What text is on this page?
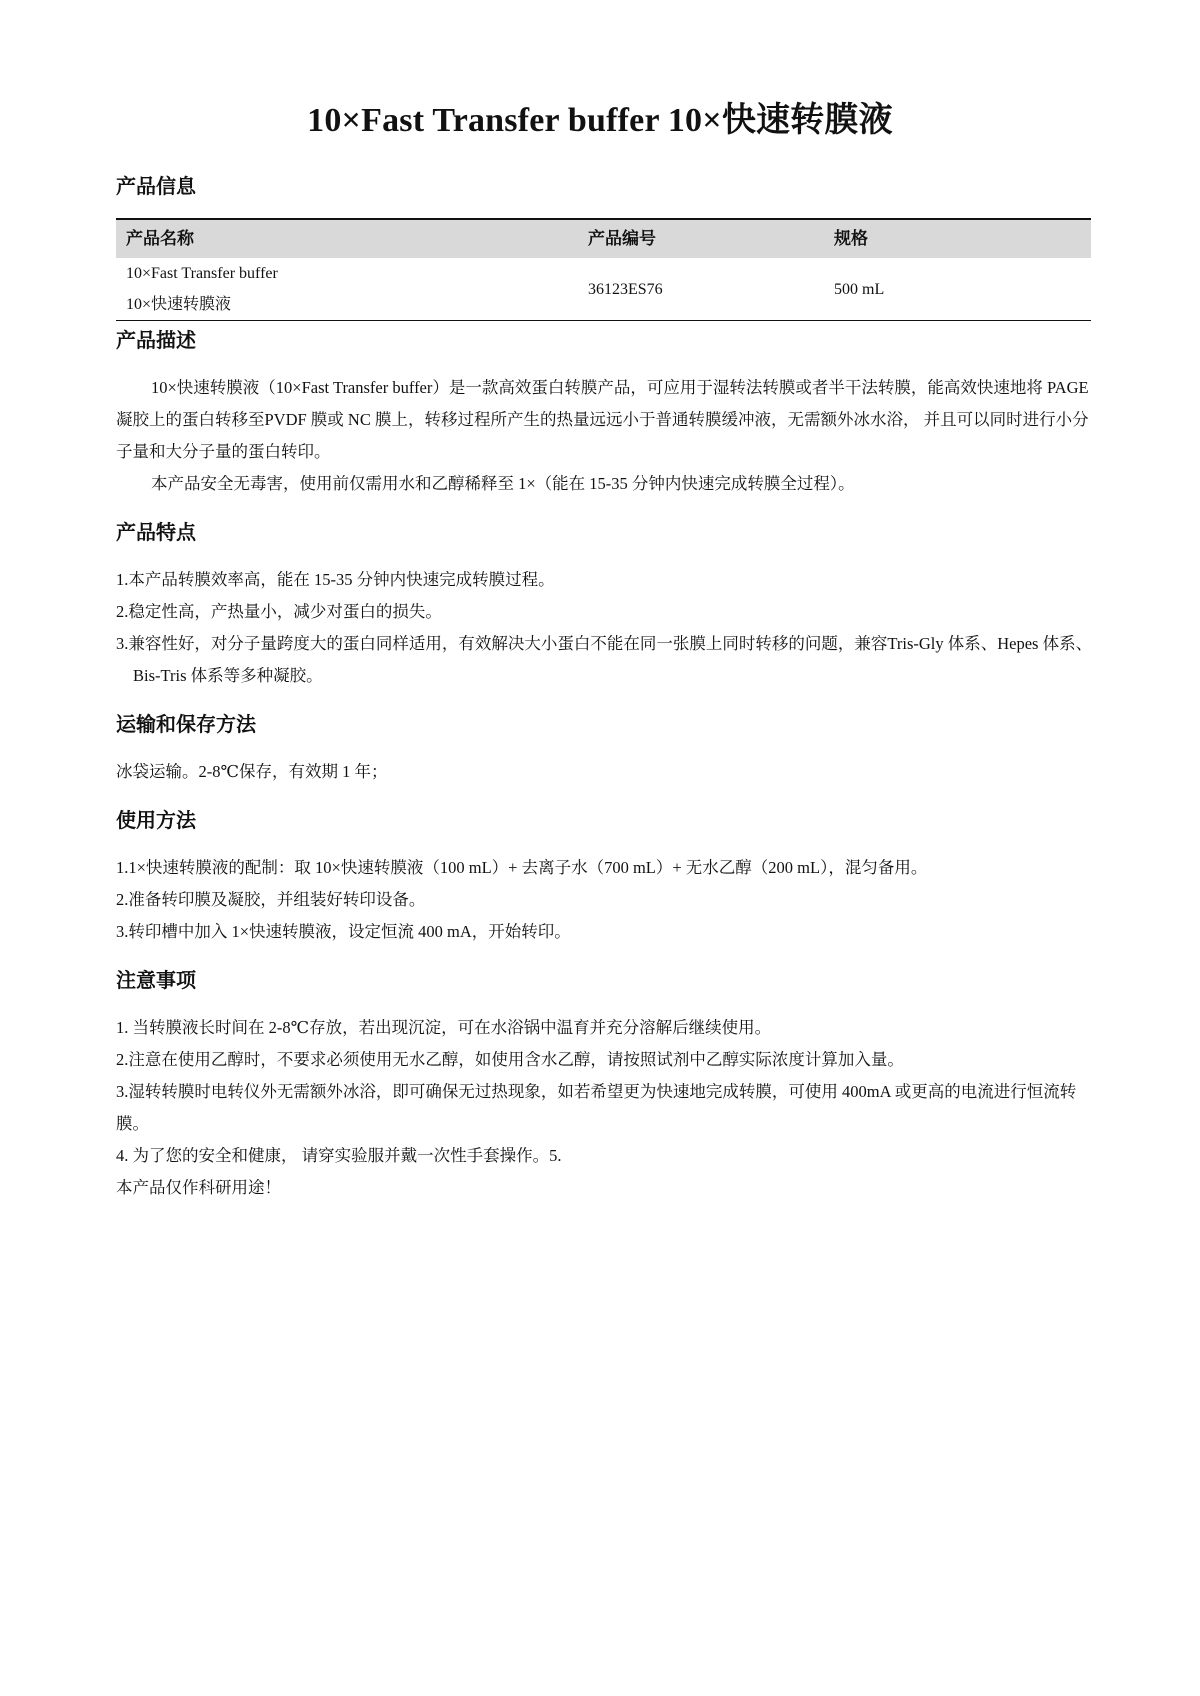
10×Fast Transfer buffer 10×快速转膜液
产品信息
产品名称	产品编号	规格
10×Fast Transfer buffer
10×快速转膜液
36123ES76	500 mL
产品描述

10×快速转膜液（10×Fast Transfer buffer）是一款高效蛋白转膜产品，可应用于湿转法转膜或者半干法转膜，能高效快速地将 PAGE 凝胶上的蛋白转移至PVDF 膜或 NC 膜上，转移过程所产生的热量远远小于普通转膜缓冲液，无需额外冰水浴， 并且可以同时进行小分子量和大分子量的蛋白转印。

本产品安全无毒害，使用前仅需用水和乙醇稀释至 1×（能在 15-35 分钟内快速完成转膜全过程）。

产品特点

1.本产品转膜效率高，能在 15-35 分钟内快速完成转膜过程。

2.稳定性高，产热量小，减少对蛋白的损失。

3.兼容性好，对分子量跨度大的蛋白同样适用，有效解决大小蛋白不能在同一张膜上同时转移的问题，兼容Tris-Gly 体系、Hepes 体系、Bis-Tris 体系等多种凝胶。

运输和保存方法

冰袋运输。2-8℃保存，有效期 1 年；

使用方法

1.1×快速转膜液的配制：取 10×快速转膜液（100 mL）+ 去离子水（700 mL）+ 无水乙醇（200 mL），混匀备用。

2.准备转印膜及凝胶，并组装好转印设备。

3.转印槽中加入 1×快速转膜液，设定恒流 400 mA，开始转印。

注意事项

1. 当转膜液长时间在 2-8℃存放，若出现沉淀，可在水浴锅中温育并充分溶解后继续使用。

2.注意在使用乙醇时，不要求必须使用无水乙醇，如使用含水乙醇，请按照试剂中乙醇实际浓度计算加入量。

3.湿转转膜时电转仪外无需额外冰浴，即可确保无过热现象，如若希望更为快速地完成转膜，可使用 400mA 或更高的电流进行恒流转膜。

4. 为了您的安全和健康， 请穿实验服并戴一次性手套操作。5.

本产品仅作科研用途！
